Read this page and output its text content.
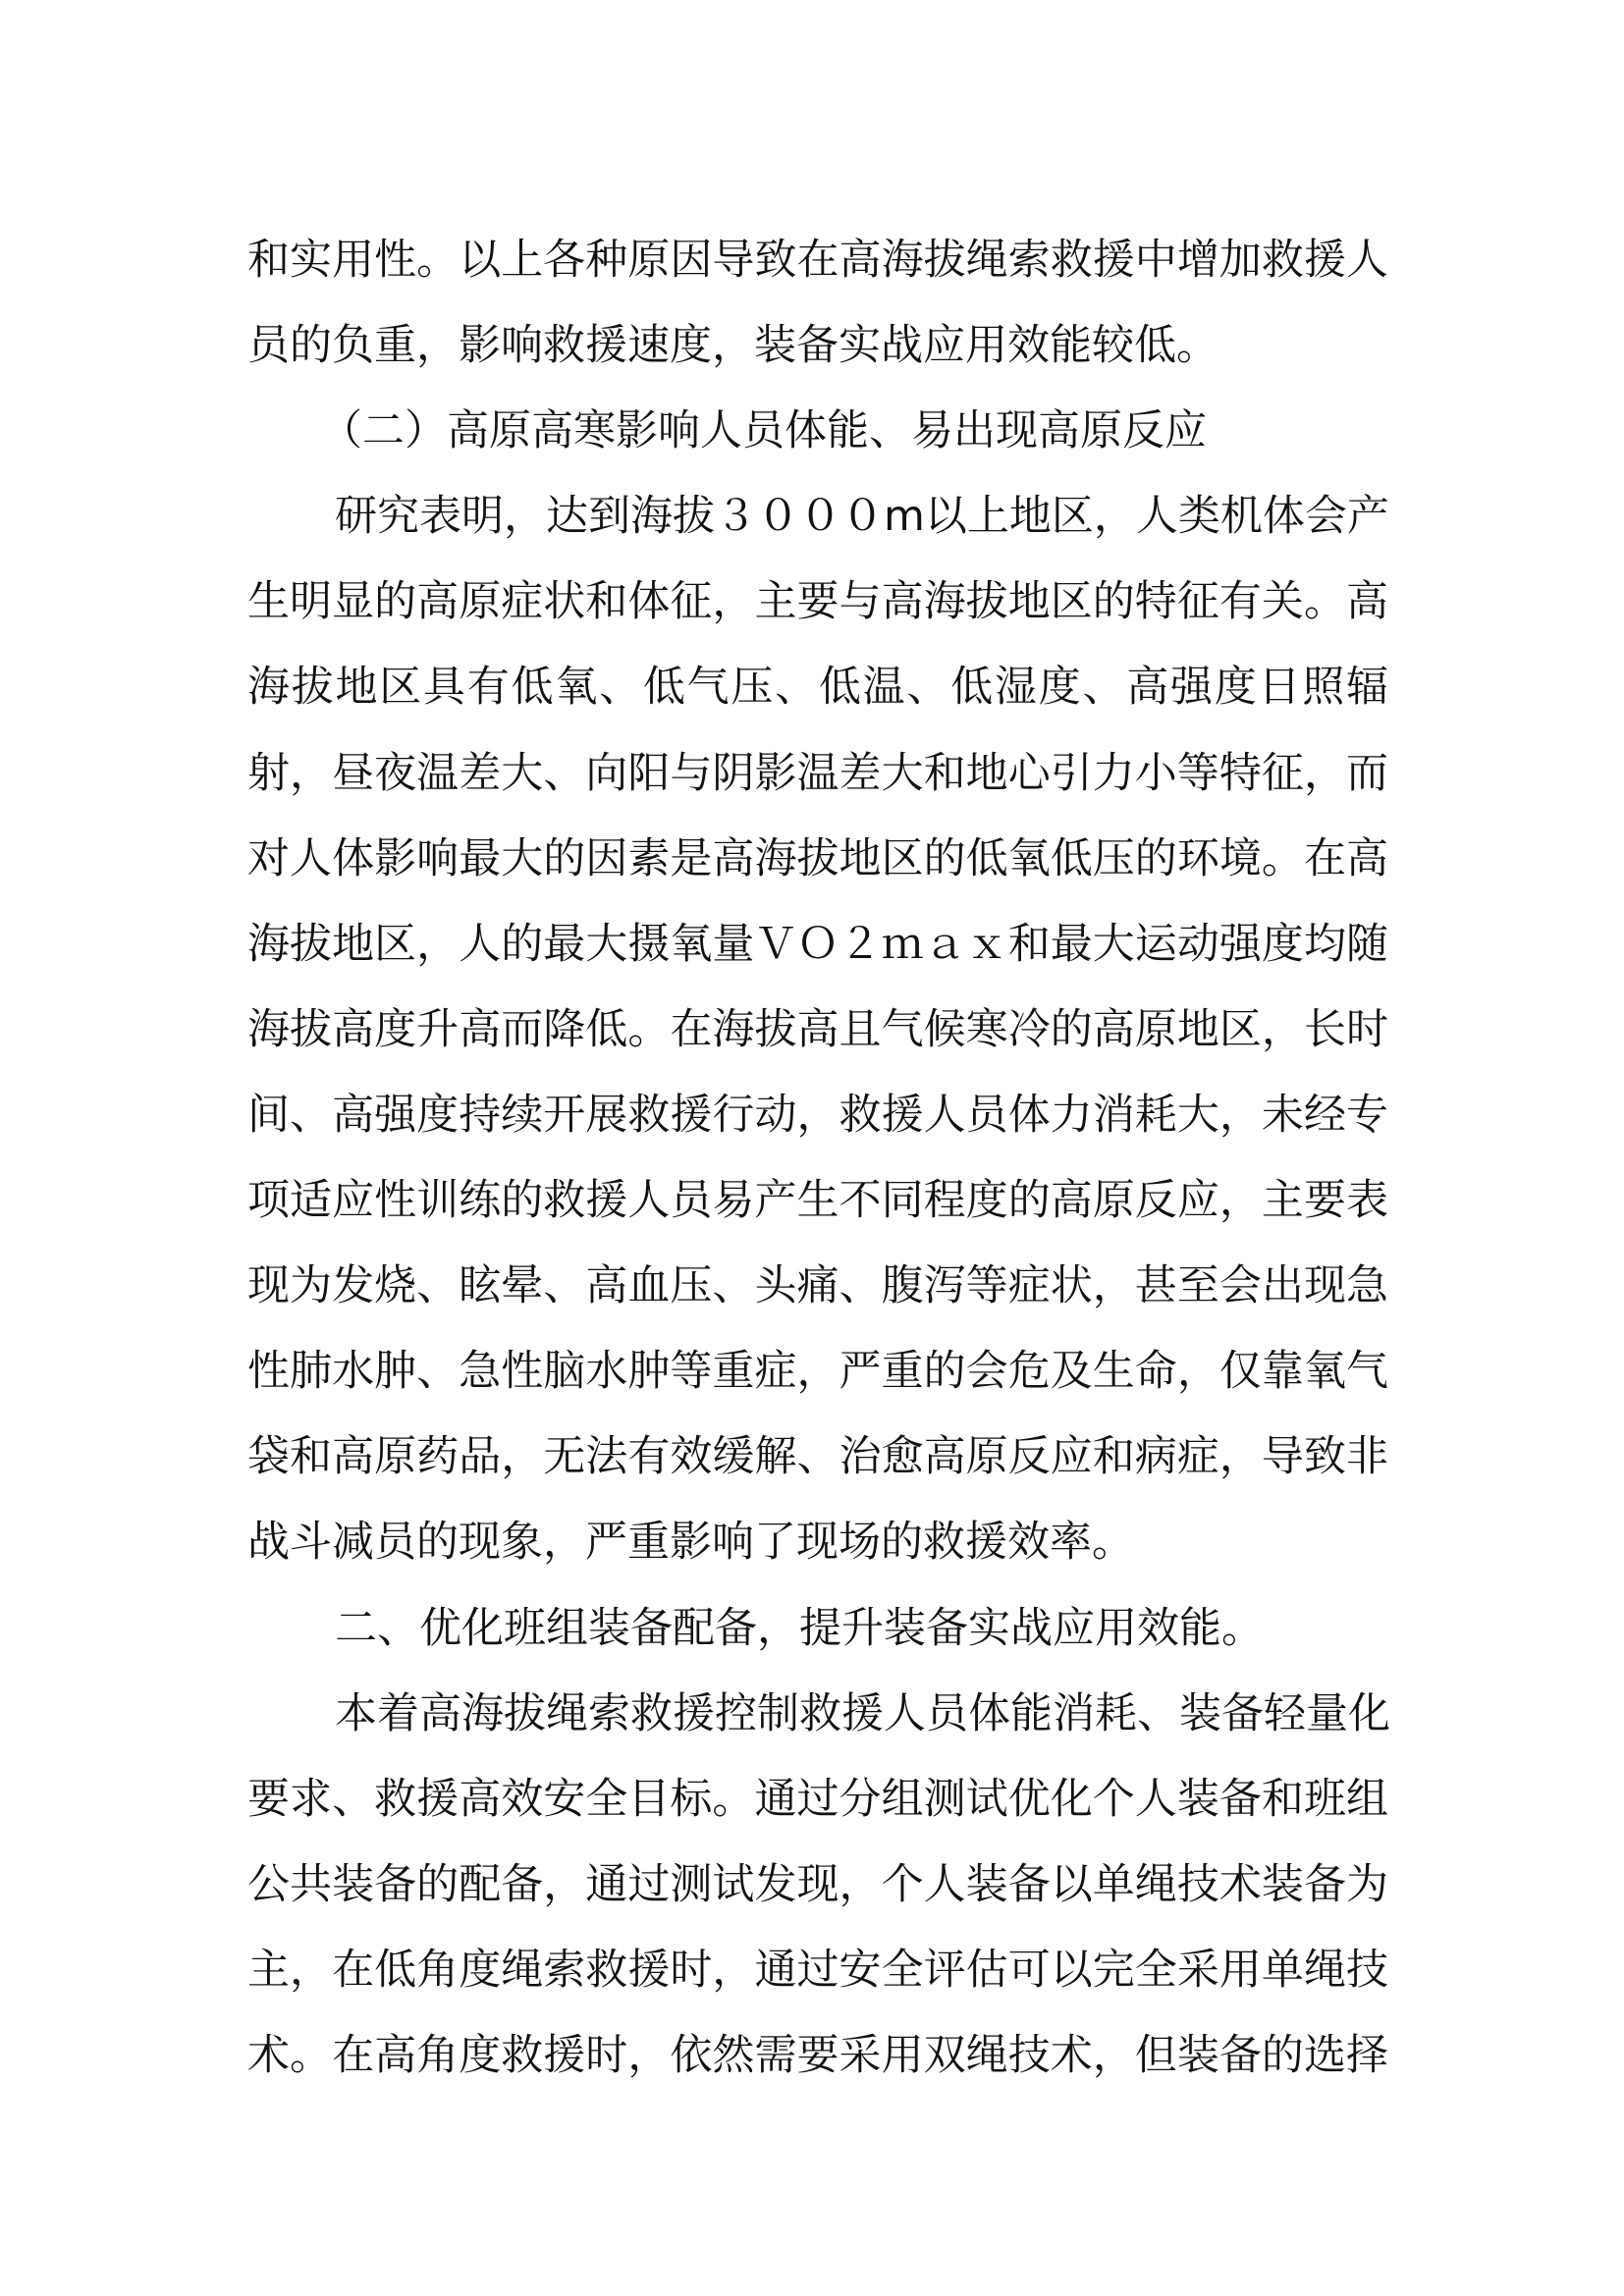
和实用性。以上各种原因导致在高海拔绳索救援中增加救援人
员的负重，影响救援速度，装备实战应用效能较低。
（二）高原高寒影响人员体能、易出现高原反应
研究表明，达到海拔３０００m以上地区，人类机体会产
生明显的高原症状和体征，主要与高海拔地区的特征有关。高
海拔地区具有低氧、低气压、低温、低湿度、高强度日照辐
射，昼夜温差大、向阳与阴影温差大和地心引力小等特征，而
对人体影响最大的因素是高海拔地区的低氧低压的环境。在高
海拔地区，人的最大摄氧量ＶＯ２ｍａｘ和最大运动强度均随
海拔高度升高而降低。在海拔高且气候寒冷的高原地区，长时
间、高强度持续开展救援行动，救援人员体力消耗大，未经专
项适应性训练的救援人员易产生不同程度的高原反应，主要表
现为发烧、眩晕、高血压、头痛、腹泻等症状，甚至会出现急
性肺水肿、急性脑水肿等重症，严重的会危及生命，仅靠氧气
袋和高原药品，无法有效缓解、治愈高原反应和病症，导致非
战斗减员的现象，严重影响了现场的救援效率。
二、优化班组装备配备，提升装备实战应用效能。
本着高海拔绳索救援控制救援人员体能消耗、装备轻量化
要求、救援高效安全目标。通过分组测试优化个人装备和班组
公共装备的配备，通过测试发现，个人装备以单绳技术装备为
主，在低角度绳索救援时，通过安全评估可以完全采用单绳技
术。在高角度救援时，依然需要采用双绳技术，但装备的选择
